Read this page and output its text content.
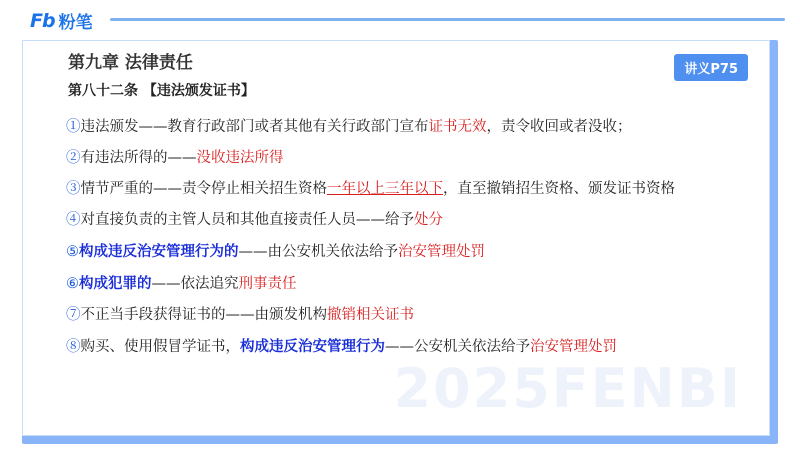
Fb 粉笔
第九章 法律责任	讲义P75
第八十二条 【违法颁发证书】
①违法颁发——教育行政部门或者其他有关行政部门宣布证书无效，责令收回或者没收；
②有违法所得的——没收违法所得
③情节严重的——责令停止相关招生资格一年以上三年以下，直至撤销招生资格、颁发证书资格
④对直接负责的主管人员和其他直接责任人员——给予处分
⑤构成违反治安管理行为的——由公安机关依法给予治安管理处罚
⑥构成犯罪的——依法追究刑事责任
⑦不正当手段获得证书的——由颁发机构撤销相关证书
⑧购买、使用假冒学证书，构成违反治安管理行为——公安机关依法给予治安管理处罚
2025FENBI
